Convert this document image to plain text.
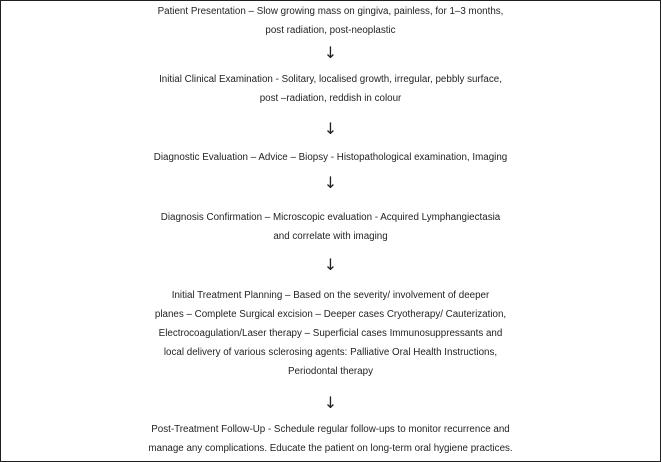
Patient Presentation – Slow growing mass on gingiva, painless, for 1–3 months,
post radiation, post-neoplastic
↓
Initial Clinical Examination - Solitary, localised growth, irregular, pebbly surface,
post –radiation, reddish in colour
↓
Diagnostic Evaluation – Advice – Biopsy - Histopathological examination, Imaging
↓
Diagnosis Confirmation – Microscopic evaluation - Acquired Lymphangiectasia
and correlate with imaging
↓
Initial Treatment Planning – Based on the severity/ involvement of deeper
planes – Complete Surgical excision – Deeper cases Cryotherapy/ Cauterization,
Electrocoagulation/Laser therapy – Superficial cases Immunosuppressants and
local delivery of various sclerosing agents: Palliative Oral Health Instructions,
Periodontal therapy
↓
Post-Treatment Follow-Up - Schedule regular follow-ups to monitor recurrence and
manage any complications. Educate the patient on long-term oral hygiene practices.
